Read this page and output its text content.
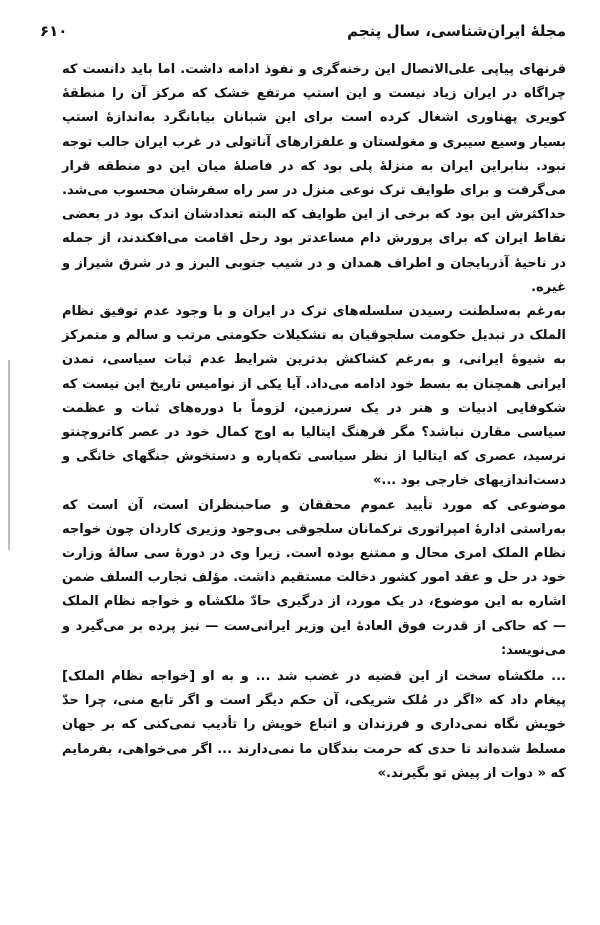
مجلهٔ ایران‌شناسی، سال پنجم
۶۱۰

قرنهای پیاپی علی‌الاتصال این رخنه‌گری و نفوذ ادامه داشت. اما باید دانست که چراگاه در ایران زیاد نیست و این استپ مرتفع خشک که مرکز آن را منطقهٔ کویری پهناوری اشغال کرده است برای این شبانان بیابانگرد به‌اندازهٔ استپ بسیار وسیع سیبری و مغولستان و علفزارهای آناتولی در غرب ایران جالب توجه نبود. بنابراین ایران به منزلهٔ پلی بود که در فاصلهٔ میان این دو منطقه قرار می‌گرفت و برای طوایف ترک نوعی منزل در سر راه سفرشان محسوب می‌شد. حداکثرش این بود که برخی از این طوایف که البته تعدادشان اندک بود در بعضی نقاط ایران که برای پرورش دام مساعدتر بود رحل اقامت می‌افکندند، از جمله در ناحیهٔ آذربایجان و اطراف همدان و در شیب جنوبی البرز و در شرق شیراز و غیره.

به‌رغم به‌سلطنت رسیدن سلسله‌های ترک در ایران و با وجود عدم توفیق نظام الملک در تبدیل حکومت سلجوقیان به تشکیلات حکومتی مرتب و سالم و متمرکز به شیوهٔ ایرانی، و به‌رغم کشاکش بدترین شرایط عدم ثبات سیاسی، تمدن ایرانی همچنان به بسط خود ادامه می‌داد. آیا یکی از نوامیس تاریخ این نیست که شکوفایی ادبیات و هنر در یک سرزمین، لزوماً با دوره‌های ثبات و عظمت سیاسی مقارن نباشد؟ مگر فرهنگ ایتالیا به اوج کمال خود در عصر کاتروچنتو نرسید، عصری که ایتالیا از نظر سیاسی تکه‌پاره و دستخوش جنگهای خانگی و دست‌اندازیهای خارجی بود ...»

موضوعی که مورد تأیید عموم محققان و صاحبنظران است، آن است که به‌راستی ادارهٔ امپراتوری ترکمانان سلجوقی بی‌وجود وزیری کاردان چون خواجه نظام الملک امری محال و ممتنع بوده است. زیرا وی در دورهٔ سی سالهٔ وزارت خود در حل و عقد امور کشور دخالت مستقیم داشت. مؤلف تجارب السلف ضمن اشاره به این موضوع، در یک مورد، از درگیری حادّ ملکشاه و خواجه نظام الملک — که حاکی از قدرت فوق العادهٔ این وزیر ایرانی‌ست — نیز پرده بر می‌گیرد و می‌نویسد:

... ملکشاه سخت از این قضیه در غضب شد ... و به او [خواجه نظام الملک] پیغام داد که «اگر در مُلک شریکی، آن حکم دیگر است و اگر تابع منی، چرا حدّ خویش نگاه نمی‌داری و فرزندان و اتباع خویش را تأدیب نمی‌کنی که بر جهان مسلط شده‌اند تا حدی که حرمت بندگان ما نمی‌دارند ... اگر می‌خواهی، بفرمایم که « دوات از پیش تو بگیرند.»
